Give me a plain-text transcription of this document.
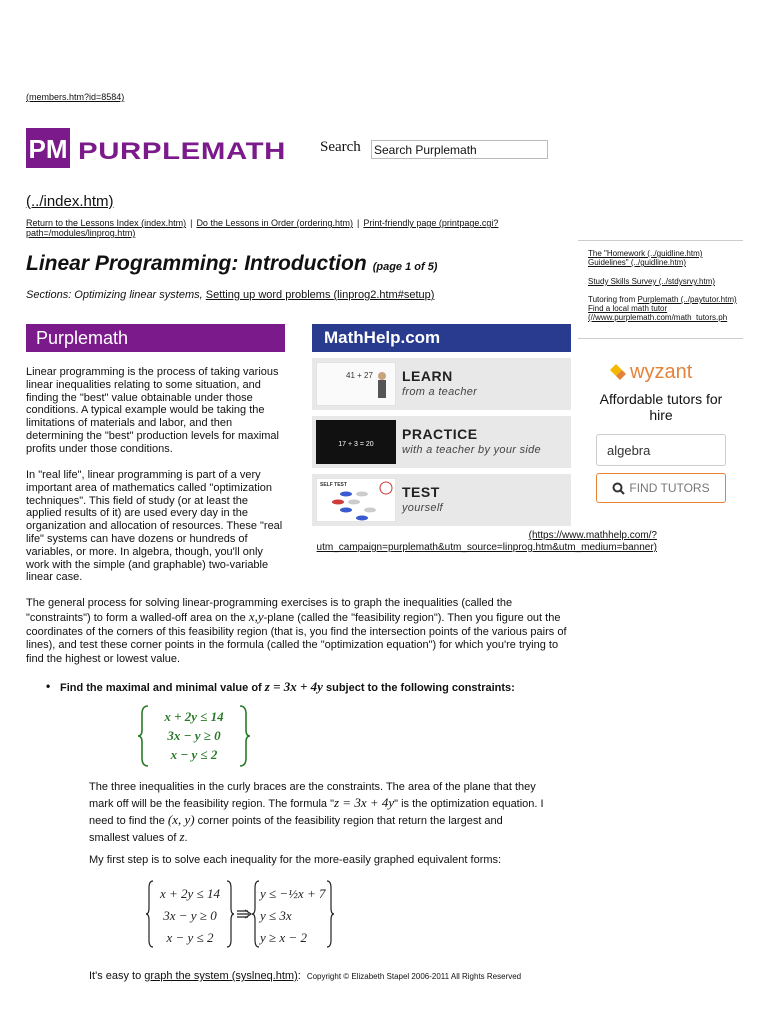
(members.htm?id=8584)
PM PURPLEMATH Search
Search Purplemath
(../index.htm)
Return to the Lessons Index (index.htm) | Do the Lessons in Order (ordering.htm) | Print-friendly page (printpage.cgi?path=/modules/linprog.htm)
Linear Programming: Introduction (page 1 of 5)
Sections: Optimizing linear systems, Setting up word problems (linprog2.htm#setup)
Purplemath	MathHelp.com

Linear programming is the process of taking various linear inequalities relating to some situation, and finding the "best" value obtainable under those conditions. A typical example would be taking the limitations of materials and labor, and then determining the "best" production levels for maximal profits under those conditions.

In "real life", linear programming is part of a very important area of mathematics called "optimization techniques". This field of study (or at least the applied results of it) are used every day in the organization and allocation of resources. These "real life" systems can have dozens or hundreds of variables, or more. In algebra, though, you'll only work with the simple (and graphable) two-variable linear case.

41 + 27 LEARN
from a teacher
17 + 3 = 20
PRACTICE
with a teacher by your side
SELF TEST	TEST
yourself
(https://www.mathhelp.com/?utm_campaign=purplemath&utm_source=linprog.htm&utm_medium=banner)
The "Homework (../guidline.htm) Guidelines" (../guidline.htm)
Study Skills Survey (../stdysrvy.htm)
Tutoring from Purplemath (../paytutor.htm)
Find a local math tutor (//www.purplemath.com/math_tutors.ph
wyzant
Affordable tutors for hire
algebra
FIND TUTORS

The general process for solving linear-programming exercises is to graph the inequalities (called the "constraints") to form a walled-off area on the x,y-plane (called the "feasibility region"). Then you figure out the coordinates of the corners of this feasibility region (that is, you find the intersection points of the various pairs of lines), and test these corner points in the formula (called the "optimization equation") for which you're trying to find the highest or lowest value.

• Find the maximal and minimal value of z = 3x + 4y subject to the following constraints:

x + 2y ≤ 14
3x − y ≥ 0
x − y ≤ 2

The three inequalities in the curly braces are the constraints. The area of the plane that they mark off will be the feasibility region. The formula "z = 3x + 4y" is the optimization equation. I need to find the (x, y) corner points of the feasibility region that return the largest and smallest values of z.

My first step is to solve each inequality for the more-easily graphed equivalent forms:

x + 2y ≤ 14
3x − y ≥ 0
x − y ≤ 2
y ≤ −½x + 7
y ≤ 3x
y ≥ x − 2
It's easy to graph the system (syslneq.htm): Copyright © Elizabeth Stapel 2006-2011 All Rights Reserved
